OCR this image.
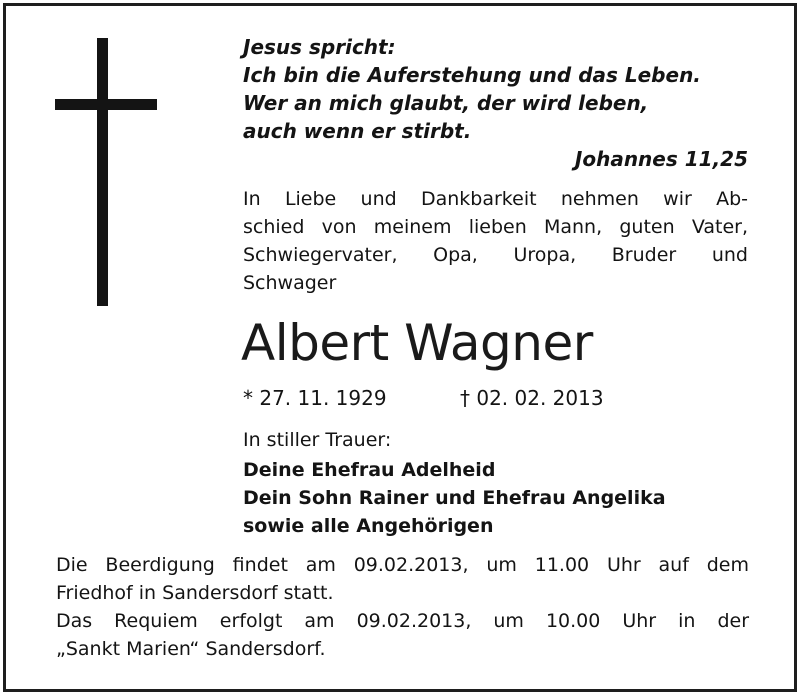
Jesus spricht:
Ich bin die Auferstehung und das Leben.
Wer an mich glaubt, der wird leben,
auch wenn er stirbt.
Johannes 11,25
In Liebe und Dankbarkeit nehmen wir Ab-
schied von meinem lieben Mann, guten Vater,
Schwiegervater, Opa, Uropa, Bruder und
Schwager
Albert Wagner
* 27. 11. 1929	† 02. 02. 2013
In stiller Trauer:
Deine Ehefrau Adelheid
Dein Sohn Rainer und Ehefrau Angelika
sowie alle Angehörigen
Die Beerdigung findet am 09.02.2013, um 11.00 Uhr auf dem
Friedhof in Sandersdorf statt.
Das Requiem erfolgt am 09.02.2013, um 10.00 Uhr in der
„Sankt Marien“ Sandersdorf.
